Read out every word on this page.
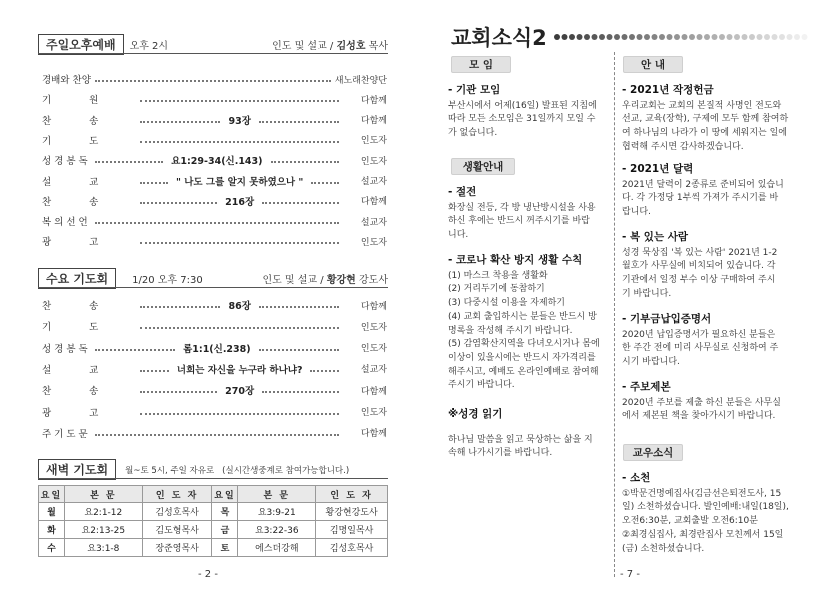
주일오후예배	오후 2시	인도 및 설교 / 김성호 목사
경배와 찬양	새노래찬양단
기원	다함께
찬송	93장	다함께
기도	인도자
성경봉독	요1:29-34(신.143)	인도자
설교	" 나도 그를 알지 못하였으나 "	설교자
찬송	216장	다함께
복의선언	설교자
광고	인도자
수요 기도회	1/20 오후 7:30	인도 및 설교 / 황강현 강도사
찬송	86장	다함께
기도	인도자
성경봉독	롬1:1(신.238)	인도자
설교	너희는 자신을 누구라 하나냐?	설교자
찬송	270장	다함께
광고	인도자
주기도문	다함께
새벽 기도회	월~토 5시, 주일 자유로 (실시간생중계로 참여가능합니다.)
요일	본 문	인 도 자	요일	본 문	인 도 자
월	요2:1-12	김성호목사	목	요3:9-21	황강현강도사
화	요2:13-25	김도형목사	금	요3:22-36	김명일목사
수	요3:1-8	장준영목사	토	에스더강해	김성호목사
- 2 -
교회소식2
모 임
- 기관 모임
부산시에서 어제(16일) 발표된 지침에
따라 모든 소모임은 31일까지 모일 수
가 없습니다.
생활안내
- 절전
화장실 전등, 각 방 냉난방시설을 사용
하신 후에는 반드시 꺼주시기를 바랍
니다.
- 코로나 확산 방지 생활 수칙
(1) 마스크 착용을 생활화
(2) 거리두기에 동참하기
(3) 다중시설 이용을 자제하기
(4) 교회 출입하시는 분들은 반드시 방
명록을 작성해 주시기 바랍니다.
(5) 감염확산지역을 다녀오시거나 몸에
이상이 있을시에는 반드시 자가격리를
해주시고, 예배도 온라인예배로 참여해
주시기 바랍니다.
※성경 읽기
하나님 말씀을 읽고 묵상하는 삶을 지
속해 나가시기를 바랍니다.
안 내
- 2021년 작정헌금
우리교회는 교회의 본질적 사명인 전도와
선교, 교육(장학), 구제에 모두 함께 참여하
여 하나님의 나라가 이 땅에 세워지는 일에
협력해 주시면 감사하겠습니다.
- 2021년 달력
2021년 달력이 2종류로 준비되어 있습니
다. 각 가정당 1부씩 가져가 주시기를 바
랍니다.
- 복 있는 사람
성경 묵상집 '복 있는 사람' 2021년 1-2
월호가 사무실에 비치되어 있습니다. 각
기관에서 일정 부수 이상 구매하여 주시
기 바랍니다.
- 기부금납입증명서
2020년 납입증명서가 필요하신 분들은
한 주간 전에 미리 사무실로 신청하여 주
시기 바랍니다.
- 주보제본
2020년 주보를 제출 하신 분들은 사무실
에서 제본된 책을 찾아가시기 바랍니다.
교우소식
- 소천
①박문건명예집사(김금선은퇴전도사, 15
일) 소천하셨습니다. 발인예배:내일(18일),
오전6:30분, 교회출발 오전6:10분
②최경심집사, 최경란집사 모친께서 15일
(금) 소천하셨습니다.
- 7 -
